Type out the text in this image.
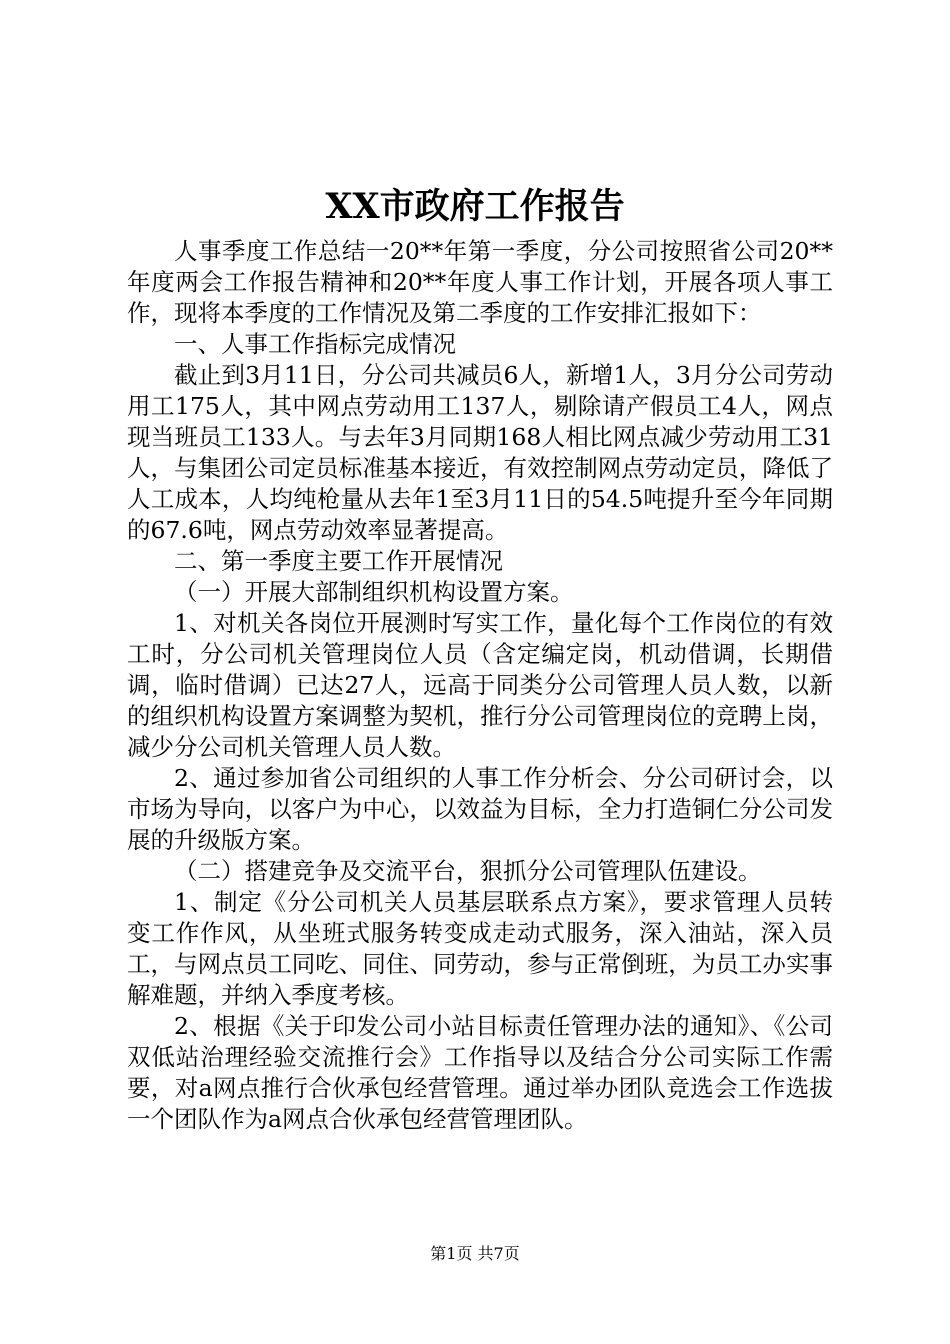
XX市政府工作报告

人事季度工作总结一20**年第一季度，分公司按照省公司20**年度两会工作报告精神和20**年度人事工作计划，开展各项人事工作，现将本季度的工作情况及第二季度的工作安排汇报如下：

一、人事工作指标完成情况

截止到3月11日，分公司共减员6人，新增1人，3月分公司劳动用工175人，其中网点劳动用工137人，剔除请产假员工4人，网点现当班员工133人。与去年3月同期168人相比网点减少劳动用工31人，与集团公司定员标准基本接近，有效控制网点劳动定员，降低了人工成本，人均纯枪量从去年1至3月11日的54.5吨提升至今年同期的67.6吨，网点劳动效率显著提高。

二、第一季度主要工作开展情况

（一）开展大部制组织机构设置方案。

1、对机关各岗位开展测时写实工作，量化每个工作岗位的有效工时，分公司机关管理岗位人员（含定编定岗，机动借调，长期借调，临时借调）已达27人，远高于同类分公司管理人员人数，以新的组织机构设置方案调整为契机，推行分公司管理岗位的竞聘上岗，减少分公司机关管理人员人数。

2、通过参加省公司组织的人事工作分析会、分公司研讨会，以市场为导向，以客户为中心，以效益为目标，全力打造铜仁分公司发展的升级版方案。

（二）搭建竞争及交流平台，狠抓分公司管理队伍建设。

1、制定《分公司机关人员基层联系点方案》，要求管理人员转变工作作风，从坐班式服务转变成走动式服务，深入油站，深入员工，与网点员工同吃、同住、同劳动，参与正常倒班，为员工办实事解难题，并纳入季度考核。

2、根据《关于印发公司小站目标责任管理办法的通知》、《公司双低站治理经验交流推行会》工作指导以及结合分公司实际工作需要，对a网点推行合伙承包经营管理。通过举办团队竞选会工作选拔一个团队作为a网点合伙承包经营管理团队。

第1页 共7页
